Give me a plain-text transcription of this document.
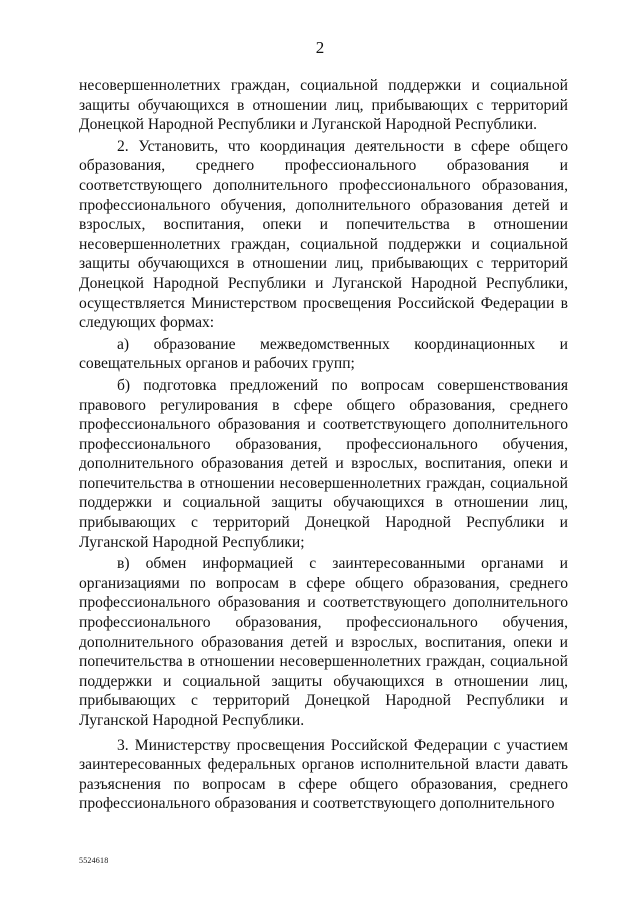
2

несовершеннолетних граждан, социальной поддержки и социальной защиты обучающихся в отношении лиц, прибывающих с территорий Донецкой Народной Республики и Луганской Народной Республики.

2. Установить, что координация деятельности в сфере общего образования, среднего профессионального образования и соответствующего дополнительного профессионального образования, профессионального обучения, дополнительного образования детей и взрослых, воспитания, опеки и попечительства в отношении несовершеннолетних граждан, социальной поддержки и социальной защиты обучающихся в отношении лиц, прибывающих с территорий Донецкой Народной Республики и Луганской Народной Республики, осуществляется Министерством просвещения Российской Федерации в следующих формах:

а) образование межведомственных координационных и совещательных органов и рабочих групп;

б) подготовка предложений по вопросам совершенствования правового регулирования в сфере общего образования, среднего профессионального образования и соответствующего дополнительного профессионального образования, профессионального обучения, дополнительного образования детей и взрослых, воспитания, опеки и попечительства в отношении несовершеннолетних граждан, социальной поддержки и социальной защиты обучающихся в отношении лиц, прибывающих с территорий Донецкой Народной Республики и Луганской Народной Республики;

в) обмен информацией с заинтересованными органами и организациями по вопросам в сфере общего образования, среднего профессионального образования и соответствующего дополнительного профессионального образования, профессионального обучения, дополнительного образования детей и взрослых, воспитания, опеки и попечительства в отношении несовершеннолетних граждан, социальной поддержки и социальной защиты обучающихся в отношении лиц, прибывающих с территорий Донецкой Народной Республики и Луганской Народной Республики.

3. Министерству просвещения Российской Федерации с участием заинтересованных федеральных органов исполнительной власти давать разъяснения по вопросам в сфере общего образования, среднего профессионального образования и соответствующего дополнительного

5524618
